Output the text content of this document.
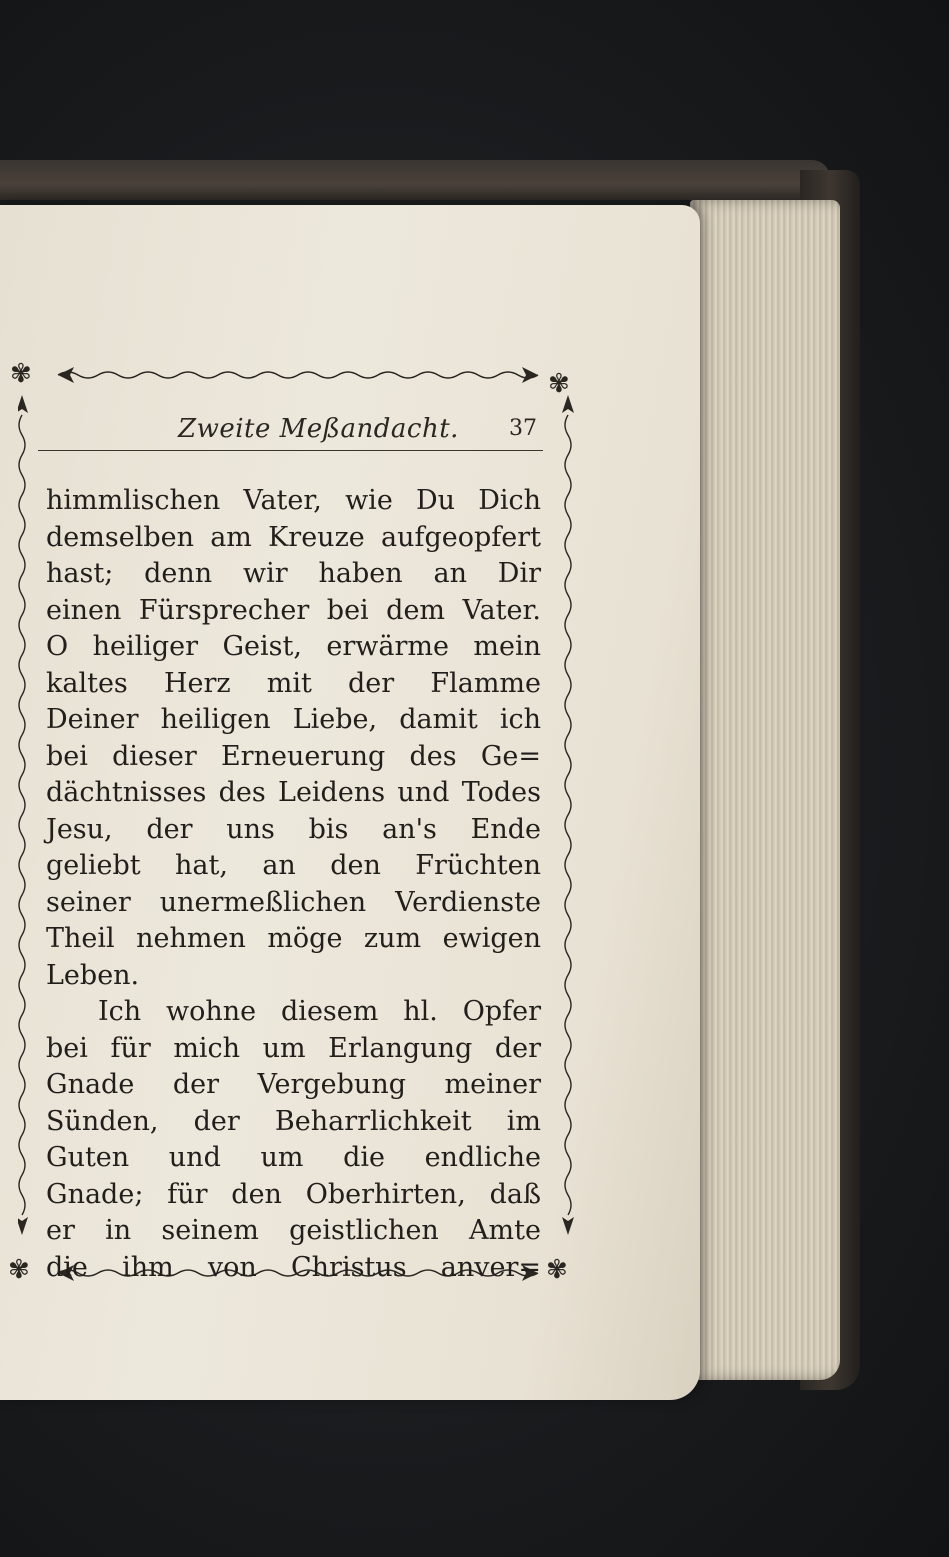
✾	✾
✾	✾
Zweite Meßandacht. 37
himmlischen Vater, wie Du Dich
demselben am Kreuze aufgeopfert
hast; denn wir haben an Dir
einen Fürsprecher bei dem Vater.
O heiliger Geist, erwärme mein
kaltes Herz mit der Flamme
Deiner heiligen Liebe, damit ich
bei dieser Erneuerung des Ge=
dächtnisses des Leidens und Todes
Jesu, der uns bis an's Ende
geliebt hat, an den Früchten
seiner unermeßlichen Verdienste
Theil nehmen möge zum ewigen
Leben.
Ich wohne diesem hl. Opfer
bei für mich um Erlangung der
Gnade der Vergebung meiner
Sünden, der Beharrlichkeit im
Guten und um die endliche
Gnade; für den Oberhirten, daß
er in seinem geistlichen Amte
die ihm von Christus anver=
